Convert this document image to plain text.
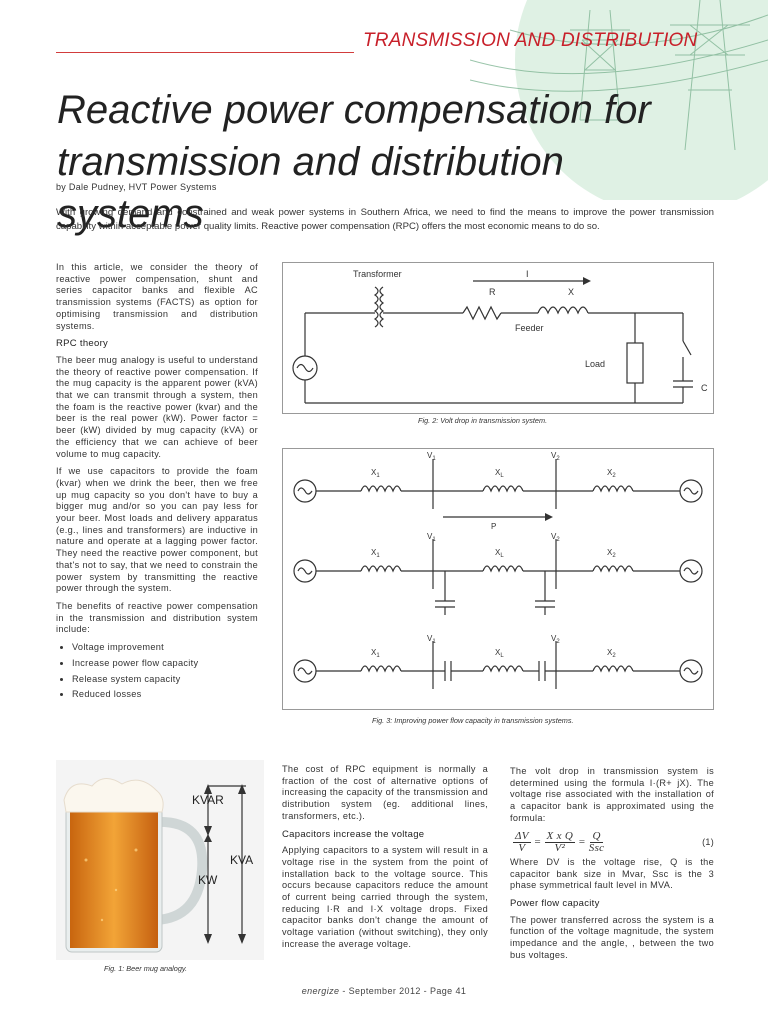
TRANSMISSION AND DISTRIBUTION
Reactive power compensation for transmission and distribution systems
by Dale Pudney, HVT Power Systems
With growing demand and constrained and weak power systems in Southern Africa, we need to find the means to improve the power transmission capability within acceptable power quality limits. Reactive power compensation (RPC) offers the most economic means to do so.

In this article, we consider the theory of reactive power compensation, shunt and series capacitor banks and flexible AC transmission systems (FACTS) as option for optimising transmission and distribution systems.

RPC theory

The beer mug analogy is useful to understand the theory of reactive power compensation. If the mug capacity is the apparent power (kVA) that we can transmit through a system, then the foam is the reactive power (kvar) and the beer is the real power (kW). Power factor = beer (kW) divided by mug capacity (kVA) or the efficiency that we can achieve of beer volume to mug capacity.

If we use capacitors to provide the foam (kvar) when we drink the beer, then we free up mug capacity so you don't have to buy a bigger mug and/or so you can pay less for your beer. Most loads and delivery apparatus (e.g., lines and transformers) are inductive in nature and operate at a lagging power factor. They need the reactive power component, but that's not to say, that we need to constrain the power system by transmitting the reactive power through the system.

The benefits of reactive power compensation in the transmission and distribution system include:

• Voltage improvement
• Increase power flow capacity
• Release system capacity
• Reduced losses
Transformer	I
R	X
Feeder
Load
C
Fig. 2: Volt drop in transmission system.
$V_1$	$V_2$
$X_1$	$X_L$	$X_2$
P
$V_1$	$V_2$
$X_1$	$X_L$	$X_2$
$V_1$	$V_2$
$X_1$	$X_L$	$X_2$
Fig. 3: Improving power flow capacity in transmission systems.
KVAR
KVA
KW
Fig. 1: Beer mug analogy.

The cost of RPC equipment is normally a fraction of the cost of alternative options of increasing the capacity of the transmission and distribution system (eg. additional lines, transformers, etc.).

Capacitors increase the voltage

Applying capacitors to a system will result in a voltage rise in the system from the point of installation back to the voltage source. This occurs because capacitors reduce the amount of current being carried through the system, reducing I·R and I·X voltage drops. Fixed capacitor banks don't change the amount of voltage variation (without switching), they only increase the average voltage.

The volt drop in transmission system is determined using the formula I·(R+ jX). The voltage rise associated with the installation of a capacitor bank is approximated using the formula:

$\frac{\Delta V}{V} = \frac{\text{X x Q}}{\text{V²}} = \frac{Q}{\text{Ssc}}$	(1)

Where DV is the voltage rise, Q is the capacitor bank size in Mvar, Ssc is the 3 phase symmetrical fault level in MVA.

Power flow capacity

The power transferred across the system is a function of the voltage magnitude, the system impedance and the angle, , between the two bus voltages.

energize - September 2012 - Page 41
